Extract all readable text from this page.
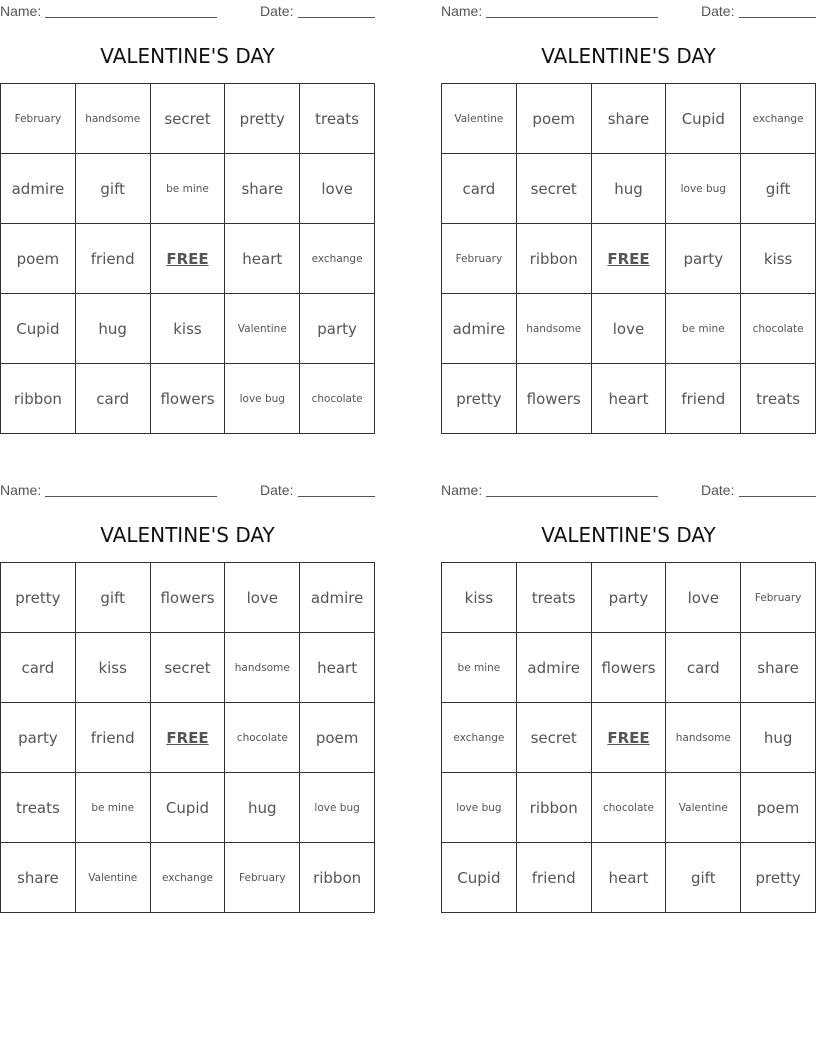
Name:	Date:
VALENTINE'S DAY
February	handsome	secret	pretty	treats
admire	gift	be mine	share	love
poem	friend	FREE	heart	exchange
Cupid	hug	kiss	Valentine	party
ribbon	card	flowers	love bug	chocolate
Name:	Date:
VALENTINE'S DAY
Valentine	poem	share	Cupid	exchange
card	secret	hug	love bug	gift
February	ribbon	FREE	party	kiss
admire	handsome	love	be mine	chocolate
pretty	flowers	heart	friend	treats
Name:	Date:
VALENTINE'S DAY
pretty	gift	flowers	love	admire
card	kiss	secret	handsome	heart
party	friend	FREE	chocolate	poem
treats	be mine	Cupid	hug	love bug
share	Valentine	exchange	February	ribbon
Name:	Date:
VALENTINE'S DAY
kiss	treats	party	love	February
be mine	admire	flowers	card	share
exchange	secret	FREE	handsome	hug
love bug	ribbon	chocolate	Valentine	poem
Cupid	friend	heart	gift	pretty
